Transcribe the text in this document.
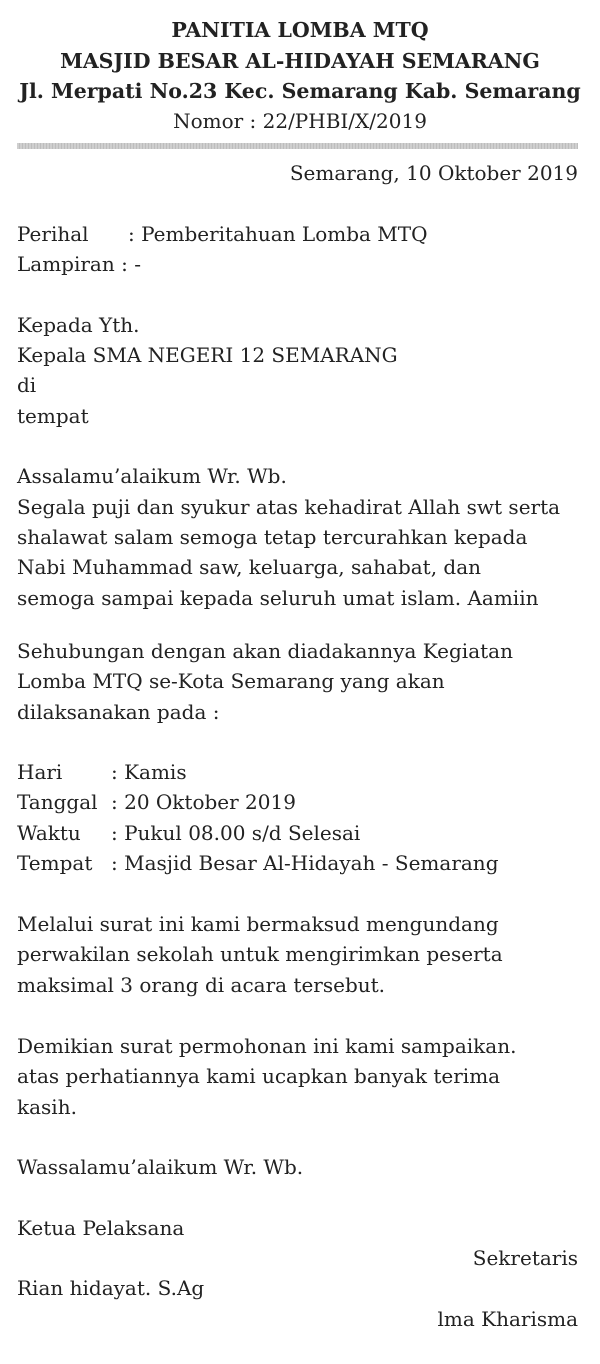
PANITIA LOMBA MTQ
MASJID BESAR AL-HIDAYAH SEMARANG
Jl. Merpati No.23 Kec. Semarang Kab. Semarang
Nomor : 22/PHBI/X/2019
Semarang, 10 Oktober 2019
Perihal : Pemberitahuan Lomba MTQ
Lampiran : -
Kepada Yth.
Kepala SMA NEGERI 12 SEMARANG
di
tempat
Assalamu’alaikum Wr. Wb.
Segala puji dan syukur atas kehadirat Allah swt serta
shalawat salam semoga tetap tercurahkan kepada
Nabi Muhammad saw, keluarga, sahabat, dan
semoga sampai kepada seluruh umat islam. Aamiin
Sehubungan dengan akan diadakannya Kegiatan
Lomba MTQ se-Kota Semarang yang akan
dilaksanakan pada :
Hari : Kamis
Tanggal : 20 Oktober 2019
Waktu : Pukul 08.00 s/d Selesai
Tempat : Masjid Besar Al-Hidayah - Semarang
Melalui surat ini kami bermaksud mengundang
perwakilan sekolah untuk mengirimkan peserta
maksimal 3 orang di acara tersebut.
Demikian surat permohonan ini kami sampaikan.
atas perhatiannya kami ucapkan banyak terima
kasih.
Wassalamu’alaikum Wr. Wb.
Ketua Pelaksana
Sekretaris
Rian hidayat. S.Ag
lma Kharisma
